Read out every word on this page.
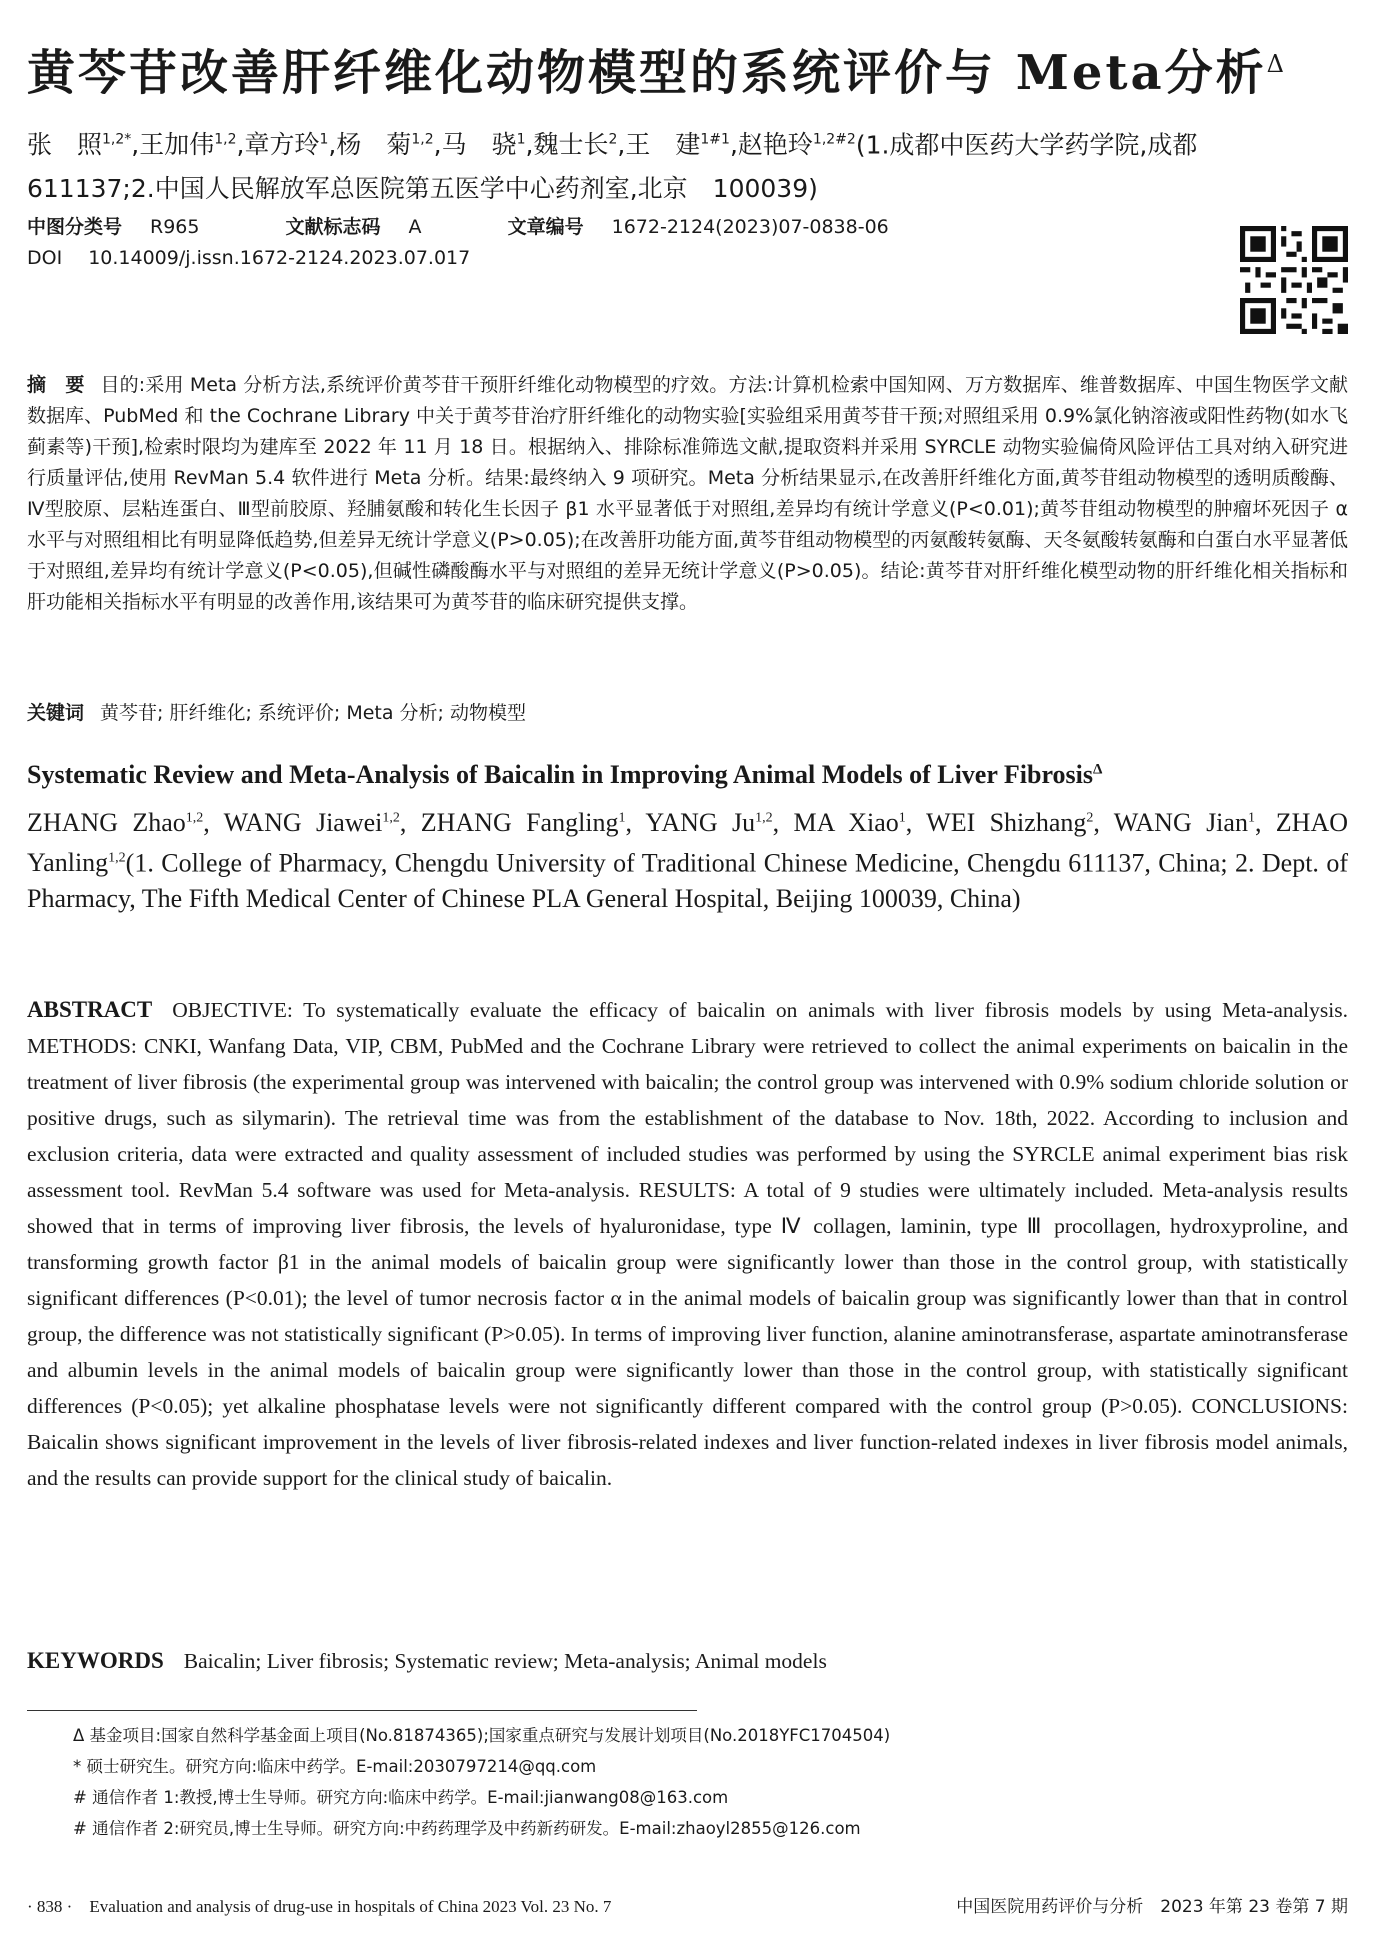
黄芩苷改善肝纤维化动物模型的系统评价与 Meta分析$^\Delta$
张　照$^{1,2*}$,王加伟$^{1,2}$,章方玲$^1$,杨　菊$^{1,2}$,马　骁$^1$,魏士长$^2$,王　建$^{1\#1}$,赵艳玲$^{1,2\#2}$(1.成都中医药大学药学院,成都　611137;2.中国人民解放军总医院第五医学中心药剂室,北京　100039)
中图分类号 R965	文献标志码 A	文章编号 1672-2124(2023)07-0838-06
DOI 10.14009/j.issn.1672-2124.2023.07.017
摘　要 目的:采用 Meta 分析方法,系统评价黄芩苷干预肝纤维化动物模型的疗效。方法:计算机检索中国知网、万方数据库、维普数据库、中国生物医学文献数据库、PubMed 和 the Cochrane Library 中关于黄芩苷治疗肝纤维化的动物实验[实验组采用黄芩苷干预;对照组采用 0.9%氯化钠溶液或阳性药物(如水飞蓟素等)干预],检索时限均为建库至 2022 年 11 月 18 日。根据纳入、排除标准筛选文献,提取资料并采用 SYRCLE 动物实验偏倚风险评估工具对纳入研究进行质量评估,使用 RevMan 5.4 软件进行 Meta 分析。结果:最终纳入 9 项研究。Meta 分析结果显示,在改善肝纤维化方面,黄芩苷组动物模型的透明质酸酶、Ⅳ型胶原、层粘连蛋白、Ⅲ型前胶原、羟脯氨酸和转化生长因子 β1 水平显著低于对照组,差异均有统计学意义(P<0.01);黄芩苷组动物模型的肿瘤坏死因子 α 水平与对照组相比有明显降低趋势,但差异无统计学意义(P>0.05);在改善肝功能方面,黄芩苷组动物模型的丙氨酸转氨酶、天冬氨酸转氨酶和白蛋白水平显著低于对照组,差异均有统计学意义(P<0.05),但碱性磷酸酶水平与对照组的差异无统计学意义(P>0.05)。结论:黄芩苷对肝纤维化模型动物的肝纤维化相关指标和肝功能相关指标水平有明显的改善作用,该结果可为黄芩苷的临床研究提供支撑。
关键词 黄芩苷; 肝纤维化; 系统评价; Meta 分析; 动物模型
Systematic Review and Meta-Analysis of Baicalin in Improving Animal Models of Liver Fibrosis$^\Delta$
ZHANG Zhao$^{1,2}$, WANG Jiawei$^{1,2}$, ZHANG Fangling$^1$, YANG Ju$^{1,2}$, MA Xiao$^1$, WEI Shizhang$^2$, WANG Jian$^1$, ZHAO Yanling$^{1,2}$(1. College of Pharmacy, Chengdu University of Traditional Chinese Medicine, Chengdu 611137, China; 2. Dept. of Pharmacy, The Fifth Medical Center of Chinese PLA General Hospital, Beijing 100039, China)
ABSTRACT OBJECTIVE: To systematically evaluate the efficacy of baicalin on animals with liver fibrosis models by using Meta-analysis. METHODS: CNKI, Wanfang Data, VIP, CBM, PubMed and the Cochrane Library were retrieved to collect the animal experiments on baicalin in the treatment of liver fibrosis (the experimental group was intervened with baicalin; the control group was intervened with 0.9% sodium chloride solution or positive drugs, such as silymarin). The retrieval time was from the establishment of the database to Nov. 18th, 2022. According to inclusion and exclusion criteria, data were extracted and quality assessment of included studies was performed by using the SYRCLE animal experiment bias risk assessment tool. RevMan 5.4 software was used for Meta-analysis. RESULTS: A total of 9 studies were ultimately included. Meta-analysis results showed that in terms of improving liver fibrosis, the levels of hyaluronidase, type Ⅳ collagen, laminin, type Ⅲ procollagen, hydroxyproline, and transforming growth factor β1 in the animal models of baicalin group were significantly lower than those in the control group, with statistically significant differences (P<0.01); the level of tumor necrosis factor α in the animal models of baicalin group was significantly lower than that in control group, the difference was not statistically significant (P>0.05). In terms of improving liver function, alanine aminotransferase, aspartate aminotransferase and albumin levels in the animal models of baicalin group were significantly lower than those in the control group, with statistically significant differences (P<0.05); yet alkaline phosphatase levels were not significantly different compared with the control group (P>0.05). CONCLUSIONS: Baicalin shows significant improvement in the levels of liver fibrosis-related indexes and liver function-related indexes in liver fibrosis model animals, and the results can provide support for the clinical study of baicalin.
KEYWORDS Baicalin; Liver fibrosis; Systematic review; Meta-analysis; Animal models
Δ 基金项目:国家自然科学基金面上项目(No.81874365);国家重点研究与发展计划项目(No.2018YFC1704504)
* 硕士研究生。研究方向:临床中药学。E-mail:2030797214@qq.com
# 通信作者 1:教授,博士生导师。研究方向:临床中药学。E-mail:jianwang08@163.com
# 通信作者 2:研究员,博士生导师。研究方向:中药药理学及中药新药研发。E-mail:zhaoyl2855@126.com
· 838 ·　Evaluation and analysis of drug-use in hospitals of China 2023 Vol. 23 No. 7	中国医院用药评价与分析　2023 年第 23 卷第 7 期
